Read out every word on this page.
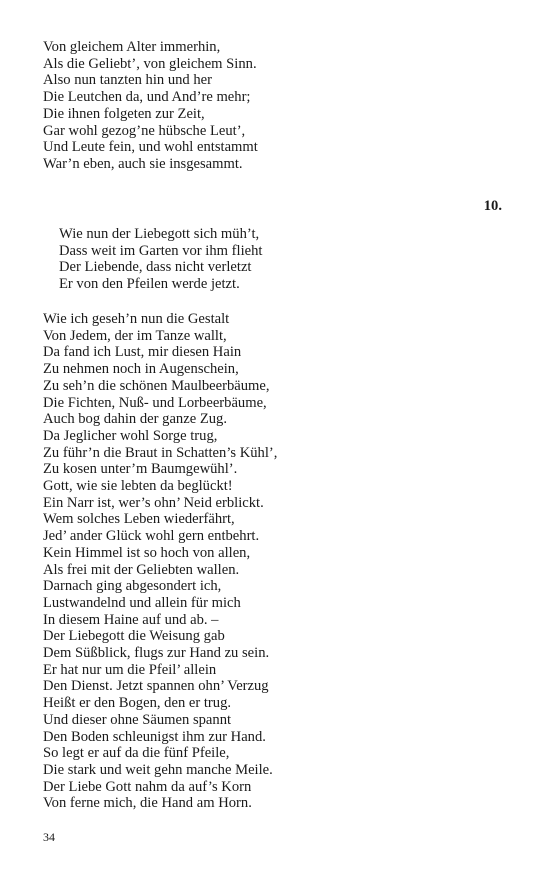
Von gleichem Alter immerhin,
Als die Geliebt’, von gleichem Sinn.
Also nun tanzten hin und her
Die Leutchen da, und And’re mehr;
Die ihnen folgeten zur Zeit,
Gar wohl gezog’ne hübsche Leut’,
Und Leute fein, und wohl entstammt
War’n eben, auch sie insgesammt.
10.
Wie nun der Liebegott sich müh’t,
Dass weit im Garten vor ihm flieht
Der Liebende, dass nicht verletzt
Er von den Pfeilen werde jetzt.
Wie ich geseh’n nun die Gestalt
Von Jedem, der im Tanze wallt,
Da fand ich Lust, mir diesen Hain
Zu nehmen noch in Augenschein,
Zu seh’n die schönen Maulbeerbäume,
Die Fichten, Nuß- und Lorbeerbäume,
Auch bog dahin der ganze Zug.
Da Jeglicher wohl Sorge trug,
Zu führ’n die Braut in Schatten’s Kühl’,
Zu kosen unter’m Baumgewühl’.
Gott, wie sie lebten da beglückt!
Ein Narr ist, wer’s ohn’ Neid erblickt.
Wem solches Leben wiederfährt,
Jed’ ander Glück wohl gern entbehrt.
Kein Himmel ist so hoch von allen,
Als frei mit der Geliebten wallen.
Darnach ging abgesondert ich,
Lustwandelnd und allein für mich
In diesem Haine auf und ab. –
Der Liebegott die Weisung gab
Dem Süßblick, flugs zur Hand zu sein.
Er hat nur um die Pfeil’ allein
Den Dienst. Jetzt spannen ohn’ Verzug
Heißt er den Bogen, den er trug.
Und dieser ohne Säumen spannt
Den Boden schleunigst ihm zur Hand.
So legt er auf da die fünf Pfeile,
Die stark und weit gehn manche Meile.
Der Liebe Gott nahm da auf’s Korn
Von ferne mich, die Hand am Horn.
34
